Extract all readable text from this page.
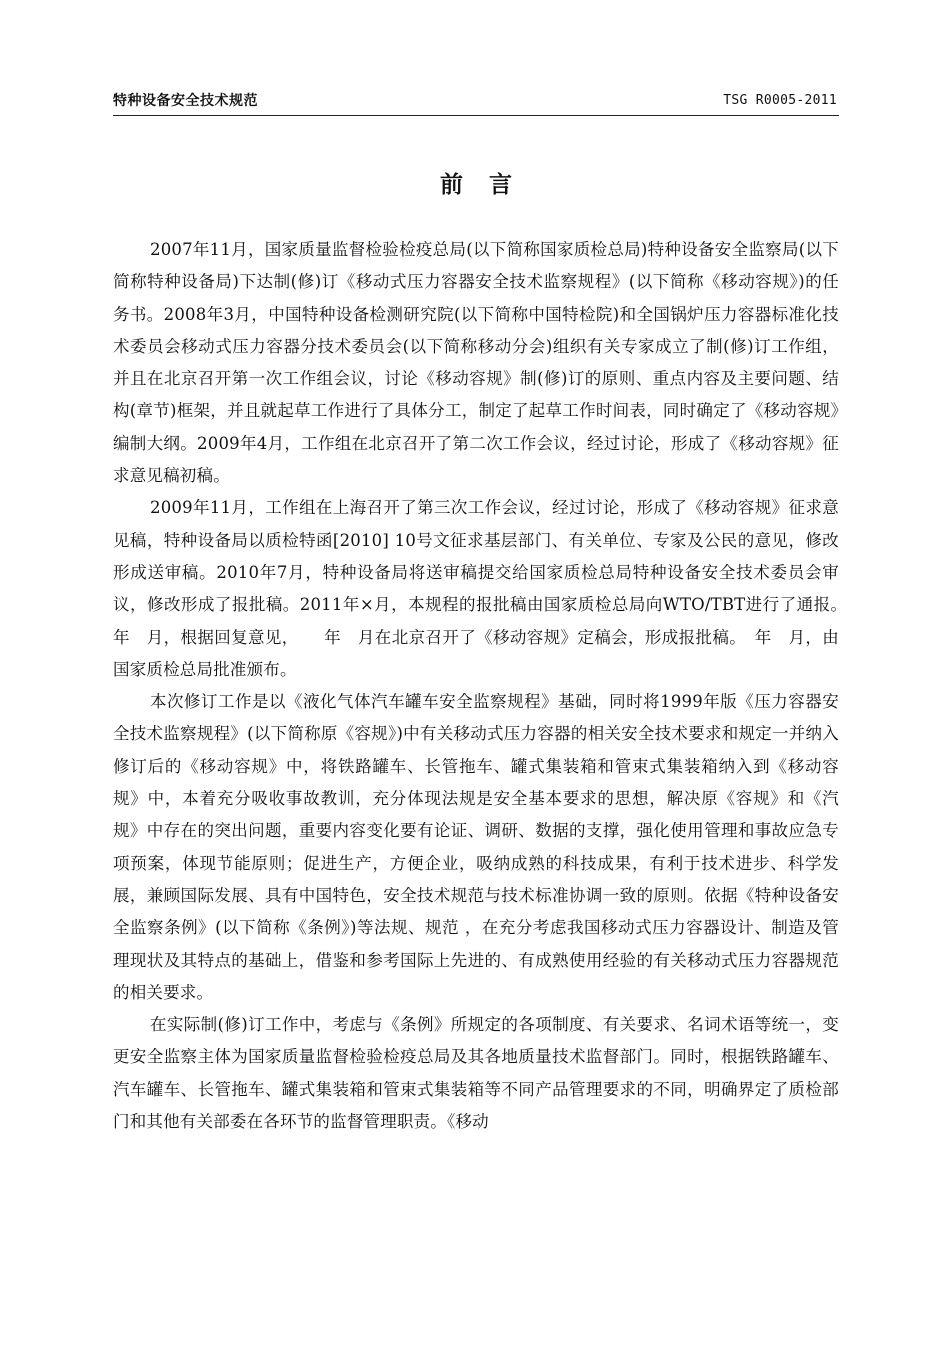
特种设备安全技术规范	TSG R0005-2011
前言

2007年11月，国家质量监督检验检疫总局(以下简称国家质检总局)特种设备安全监察局(以下简称特种设备局)下达制(修)订《移动式压力容器安全技术监察规程》(以下简称《移动容规》)的任务书。2008年3月，中国特种设备检测研究院(以下简称中国特检院)和全国锅炉压力容器标准化技术委员会移动式压力容器分技术委员会(以下简称移动分会)组织有关专家成立了制(修)订工作组，并且在北京召开第一次工作组会议，讨论《移动容规》制(修)订的原则、重点内容及主要问题、结构(章节)框架，并且就起草工作进行了具体分工，制定了起草工作时间表，同时确定了《移动容规》编制大纲。2009年4月，工作组在北京召开了第二次工作会议，经过讨论，形成了《移动容规》征求意见稿初稿。

2009年11月，工作组在上海召开了第三次工作会议，经过讨论，形成了《移动容规》征求意见稿，特种设备局以质检特函[2010] 10号文征求基层部门、有关单位、专家及公民的意见，修改形成送审稿。2010年7月，特种设备局将送审稿提交给国家质检总局特种设备安全技术委员会审议，修改形成了报批稿。2011年×月，本规程的报批稿由国家质检总局向WTO/TBT进行了通报。　　年　月，根据回复意见，　　年　月在北京召开了《移动容规》定稿会，形成报批稿。　年　月，由国家质检总局批准颁布。

本次修订工作是以《液化气体汽车罐车安全监察规程》基础，同时将1999年版《压力容器安全技术监察规程》(以下简称原《容规》)中有关移动式压力容器的相关安全技术要求和规定一并纳入修订后的《移动容规》中，将铁路罐车、长管拖车、罐式集装箱和管束式集装箱纳入到《移动容规》中，本着充分吸收事故教训，充分体现法规是安全基本要求的思想，解决原《容规》和《汽规》中存在的突出问题，重要内容变化要有论证、调研、数据的支撑，强化使用管理和事故应急专项预案，体现节能原则；促进生产，方便企业，吸纳成熟的科技成果，有利于技术进步、科学发展，兼顾国际发展、具有中国特色，安全技术规范与技术标准协调一致的原则。依据《特种设备安全监察条例》(以下简称《条例》)等法规、规范 ，在充分考虑我国移动式压力容器设计、制造及管理现状及其特点的基础上，借鉴和参考国际上先进的、有成熟使用经验的有关移动式压力容器规范的相关要求。

在实际制(修)订工作中，考虑与《条例》所规定的各项制度、有关要求、名词术语等统一，变更安全监察主体为国家质量监督检验检疫总局及其各地质量技术监督部门。同时，根据铁路罐车、汽车罐车、长管拖车、罐式集装箱和管束式集装箱等不同产品管理要求的不同，明确界定了质检部门和其他有关部委在各环节的监督管理职责。《移动
